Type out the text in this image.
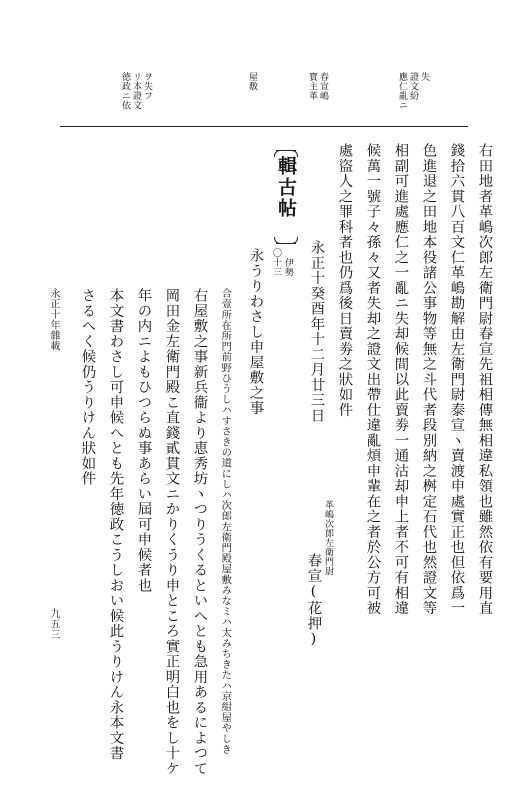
應仁亂ニ 證文紛 失
寶主革 春宣嶋
屋敷
徳政ニ依 リ本證文 ヲ失フ
右田地者革嶋次郎左衛門尉春宣先祖相傳無相違私領也雖然依有要用直
錢拾六貫八百文仁革嶋勘解由左衛門尉泰宣ヽ賣渡申處實正也但依爲一
色進退之田地本役諸公事物等無之斗代者段別納之桝定石代也然證文等
相副可進處應仁之一亂ニ失却候間以此賣劵一通沽却申上者不可有相違
候萬一號子々孫々又者失却之證文出帶仕違亂煩申輩在之者於公方可被
處盜人之罪科者也仍爲後日賣劵之狀如件
永正十癸酉年十二月廿三日
革嶋次郎左衛門尉
春宣(花押)
輯古帖
〇十三 伊勢
永うりわさし申屋敷之事
合壹所在所門前野ひうしハすさきの道にしハ次郎左衛門殿屋敷みなミハ太みちきたハ京紺屋やしき
右屋敷之事新兵衞より恵秀坊ヽつりうくるといへとも急用あるによつて
岡田金左衛門殿こ直錢貳貫文ニかりくうり申ところ實正明白也をし十ケ
年の内ニよもひつらぬ事あらい屆可申候者也
本文書わさし可申候へとも先年徳政こうしおい候此うりけん永本文書
さるへく候仍うりけん狀如件
永正十年雜載
九五三
